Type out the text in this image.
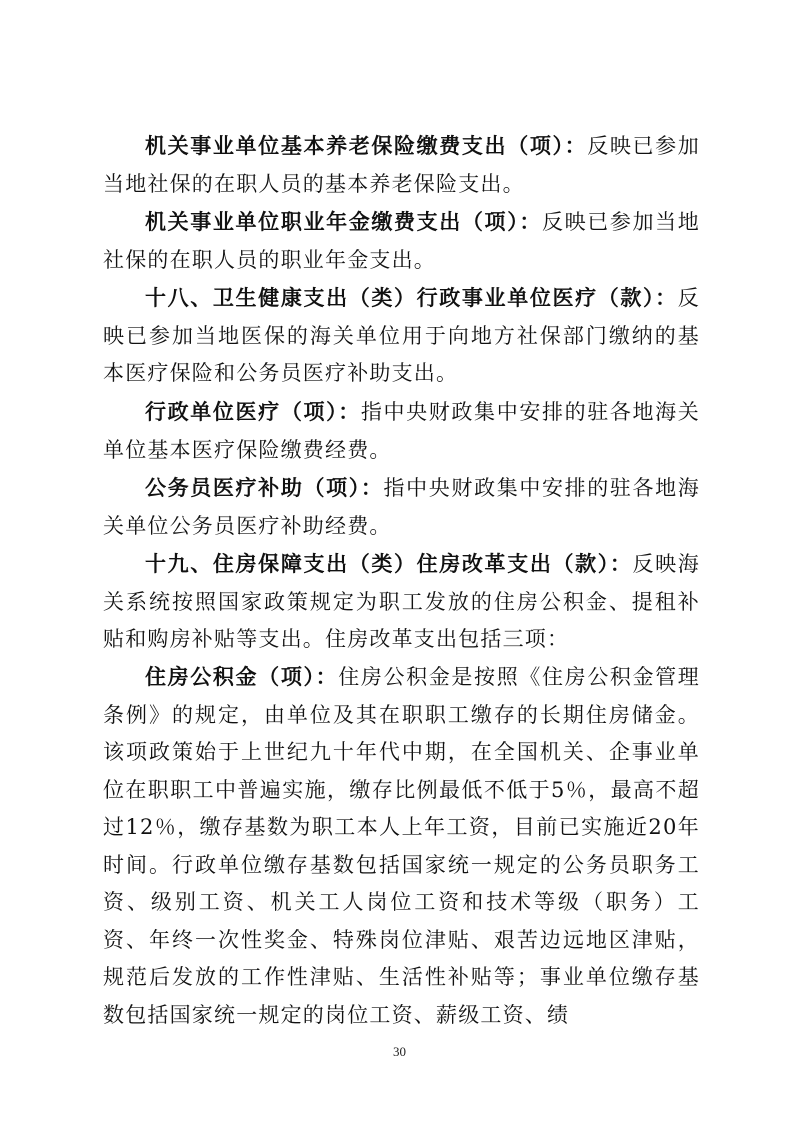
机关事业单位基本养老保险缴费支出（项）：反映已参加当地社保的在职人员的基本养老保险支出。

机关事业单位职业年金缴费支出（项）：反映已参加当地社保的在职人员的职业年金支出。

十八、卫生健康支出（类）行政事业单位医疗（款）：反映已参加当地医保的海关单位用于向地方社保部门缴纳的基本医疗保险和公务员医疗补助支出。

行政单位医疗（项）：指中央财政集中安排的驻各地海关单位基本医疗保险缴费经费。

公务员医疗补助（项）：指中央财政集中安排的驻各地海关单位公务员医疗补助经费。

十九、住房保障支出（类）住房改革支出（款）：反映海关系统按照国家政策规定为职工发放的住房公积金、提租补贴和购房补贴等支出。住房改革支出包括三项：

住房公积金（项）：住房公积金是按照《住房公积金管理条例》的规定，由单位及其在职职工缴存的长期住房储金。该项政策始于上世纪九十年代中期，在全国机关、企事业单位在职职工中普遍实施，缴存比例最低不低于5％，最高不超过12％，缴存基数为职工本人上年工资，目前已实施近20年时间。行政单位缴存基数包括国家统一规定的公务员职务工资、级别工资、机关工人岗位工资和技术等级（职务）工资、年终一次性奖金、特殊岗位津贴、艰苦边远地区津贴，规范后发放的工作性津贴、生活性补贴等；事业单位缴存基数包括国家统一规定的岗位工资、薪级工资、绩

30
